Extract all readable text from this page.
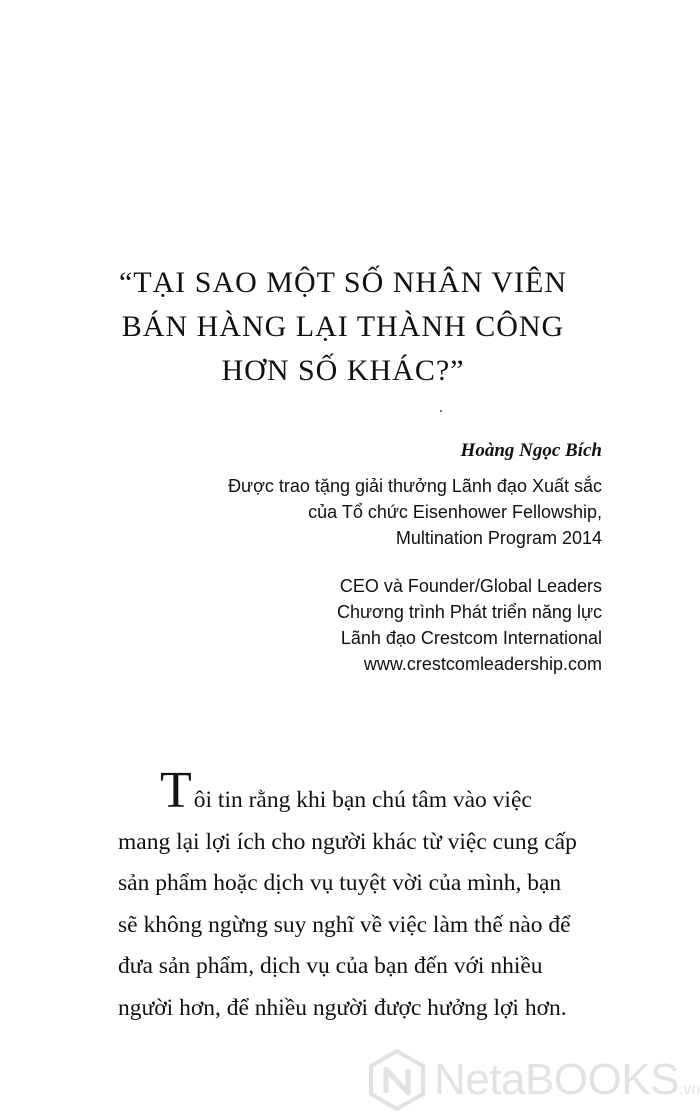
“TẠI SAO MỘT SỐ NHÂN VIÊN
BÁN HÀNG LẠI THÀNH CÔNG
HƠN SỐ KHÁC?”

Hoàng Ngọc Bích

Được trao tặng giải thưởng Lãnh đạo Xuất sắc
của Tổ chức Eisenhower Fellowship,
Multination Program 2014

CEO và Founder/Global Leaders
Chương trình Phát triển năng lực
Lãnh đạo Crestcom International
www.crestcomleadership.com

Tôi tin rằng khi bạn chú tâm vào việc
mang lại lợi ích cho người khác từ việc cung cấp
sản phẩm hoặc dịch vụ tuyệt vời của mình, bạn
sẽ không ngừng suy nghĩ về việc làm thế nào để
đưa sản phẩm, dịch vụ của bạn đến với nhiều
người hơn, để nhiều người được hưởng lợi hơn.

NetaBOOKS.vn
